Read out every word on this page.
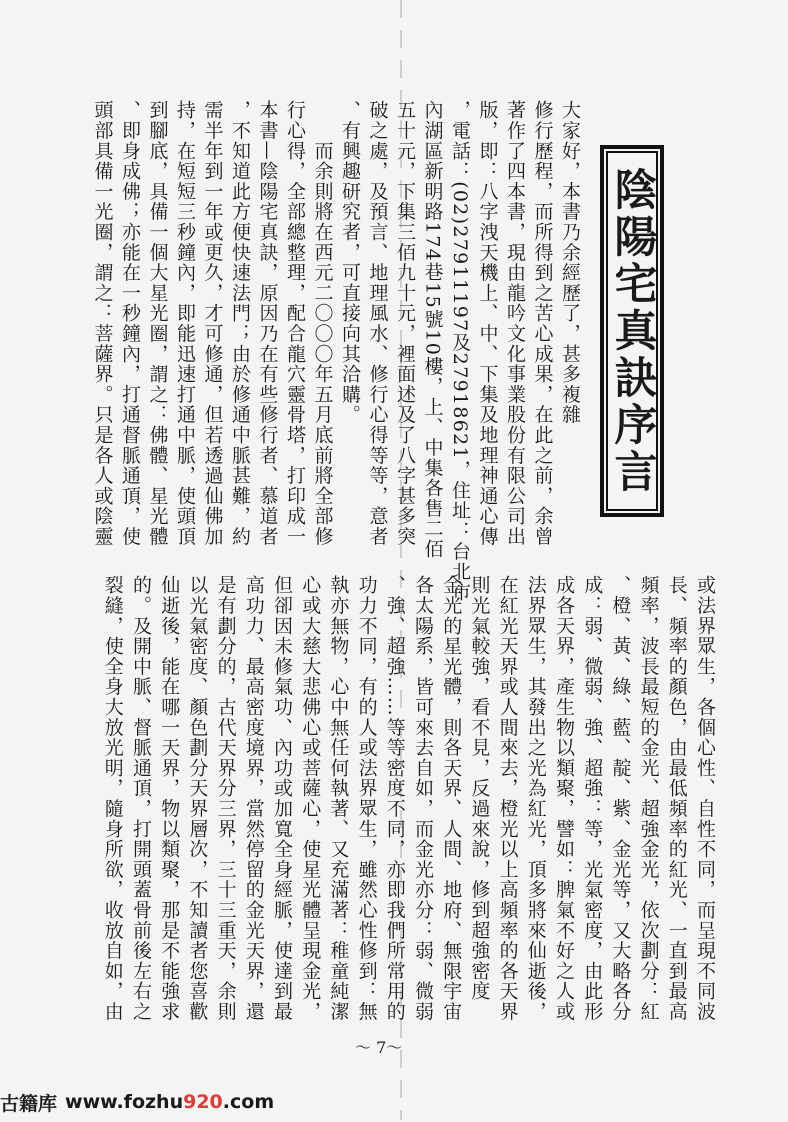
陰陽宅真訣序言
大家好，本書乃余經歷了，甚多複雜
修行歷程，而所得到之苦心成果，在此之前，余曾
著作了四本書，現由龍吟文化事業股份有限公司出
版，即：八字洩天機上、中、下集及地理神通心傳
，電話：(02)27911197及27918621，住址：台北市
內湖區新明路174巷15號10樓，上、中集各售二佰
五十元，下集三佰九十元，裡面述及了八字甚多突
破之處，及預言、地理風水、修行心得等等，意者
、有興趣研究者，可直接向其洽購。
　　而余則將在西元二〇〇〇年五月底前將全部修
行心得，全部總整理，配合龍穴靈骨塔，打印成一
本書—陰陽宅真訣，原因乃在有些修行者、慕道者
，不知道此方便快速法門；由於修通中脈甚難，約
需半年到一年或更久，才可修通，但若透過仙佛加
持，在短短三秒鐘內，即能迅速打通中脈，使頭頂
到腳底，具備一個大星光圈，謂之：佛體、星光體
、即身成佛；亦能在一秒鐘內，打通督脈通頂，使
頭部具備一光圈，謂之：菩薩界。只是各人或陰靈
或法界眾生，各個心性、自性不同，而呈現不同波
長、頻率的顏色，由最低頻率的紅光、一直到最高
頻率，波長最短的金光、超強金光，依次劃分：紅
、橙、黃、綠、藍、靛、紫、金光等，又大略各分
成：弱、微弱、強、超強：等，光氣密度，由此形
成各天界，產生物以類聚，譬如：脾氣不好之人或
法界眾生，其發出之光為紅光，頂多將來仙逝後，
在紅光天界或人間來去，橙光以上高頻率的各天界
則光氣較強，看不見，反過來說，修到超強密度
金光的星光體，則各天界、人間、地府、無限宇宙
各太陽系，皆可來去自如，而金光亦分：弱、微弱
、強、超強……等等密度不同，亦即我們所常用的
功力不同，有的人或法界眾生，雖然心性修到：無
執亦無物，心中無任何執著、又充滿著：稚童純潔
心或大慈大悲佛心或菩薩心，使星光體呈現金光，
但卻因未修氣功、內功或加寬全身經脈，使達到最
高功力、最高密度境界，當然停留的金光天界，還
是有劃分的，古代天界分三界，三十三重天，余則
以光氣密度、顏色劃分天界層次，不知讀者您喜歡
仙逝後，能在哪一天界，物以類聚，那是不能強求
的。及開中脈、督脈通頂，打開頭蓋骨前後左右之
裂縫，使全身大放光明，隨身所欲，收放自如，由
～ 7～
古籍库 www.fozhu920.com
